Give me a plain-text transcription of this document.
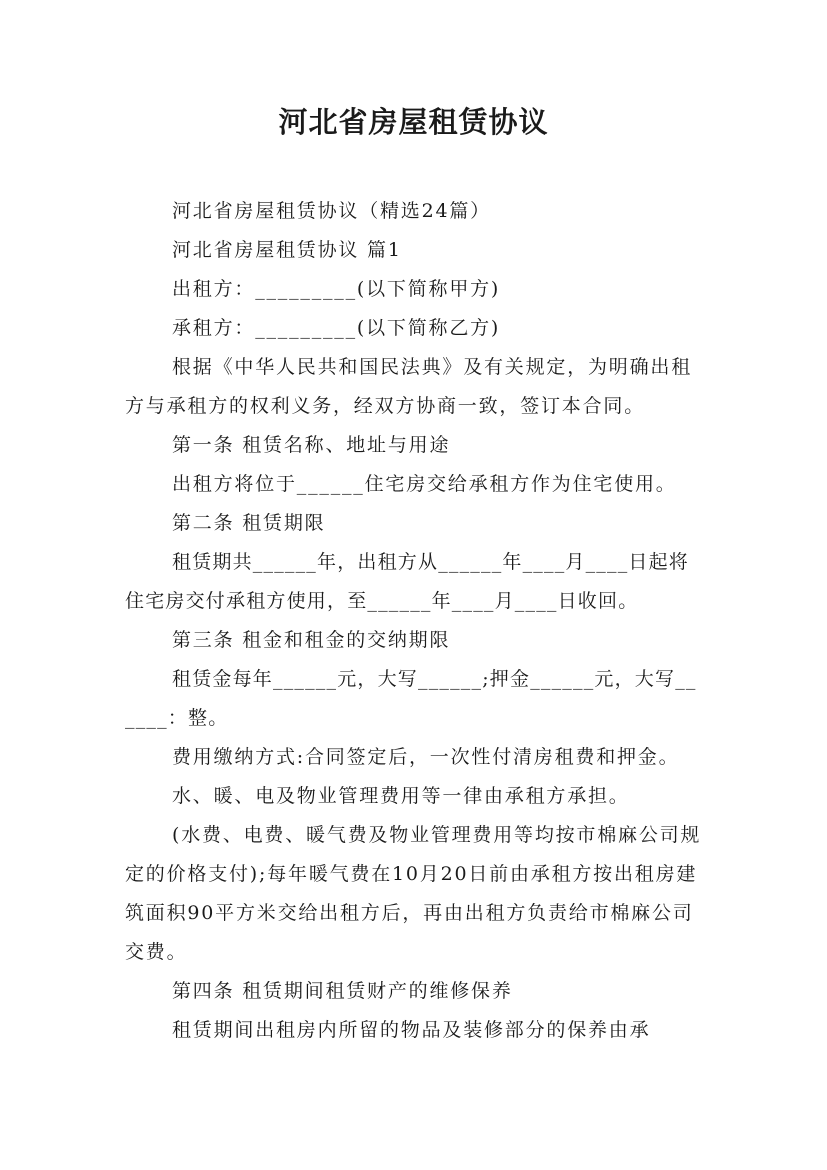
河北省房屋租赁协议

河北省房屋租赁协议（精选24篇）

河北省房屋租赁协议 篇1

出租方：_________(以下简称甲方)

承租方：_________(以下简称乙方)

根据《中华人民共和国民法典》及有关规定，为明确出租方与承租方的权利义务，经双方协商一致，签订本合同。

第一条 租赁名称、地址与用途

出租方将位于______住宅房交给承租方作为住宅使用。

第二条 租赁期限

租赁期共______年，出租方从______年____月____日起将住宅房交付承租方使用，至______年____月____日收回。

第三条 租金和租金的交纳期限

租赁金每年______元，大写______;押金______元，大写______：整。

费用缴纳方式:合同签定后，一次性付清房租费和押金。

水、暖、电及物业管理费用等一律由承租方承担。

(水费、电费、暖气费及物业管理费用等均按市棉麻公司规定的价格支付);每年暖气费在10月20日前由承租方按出租房建筑面积90平方米交给出租方后，再由出租方负责给市棉麻公司交费。

第四条 租赁期间租赁财产的维修保养

租赁期间出租房内所留的物品及装修部分的保养由承
